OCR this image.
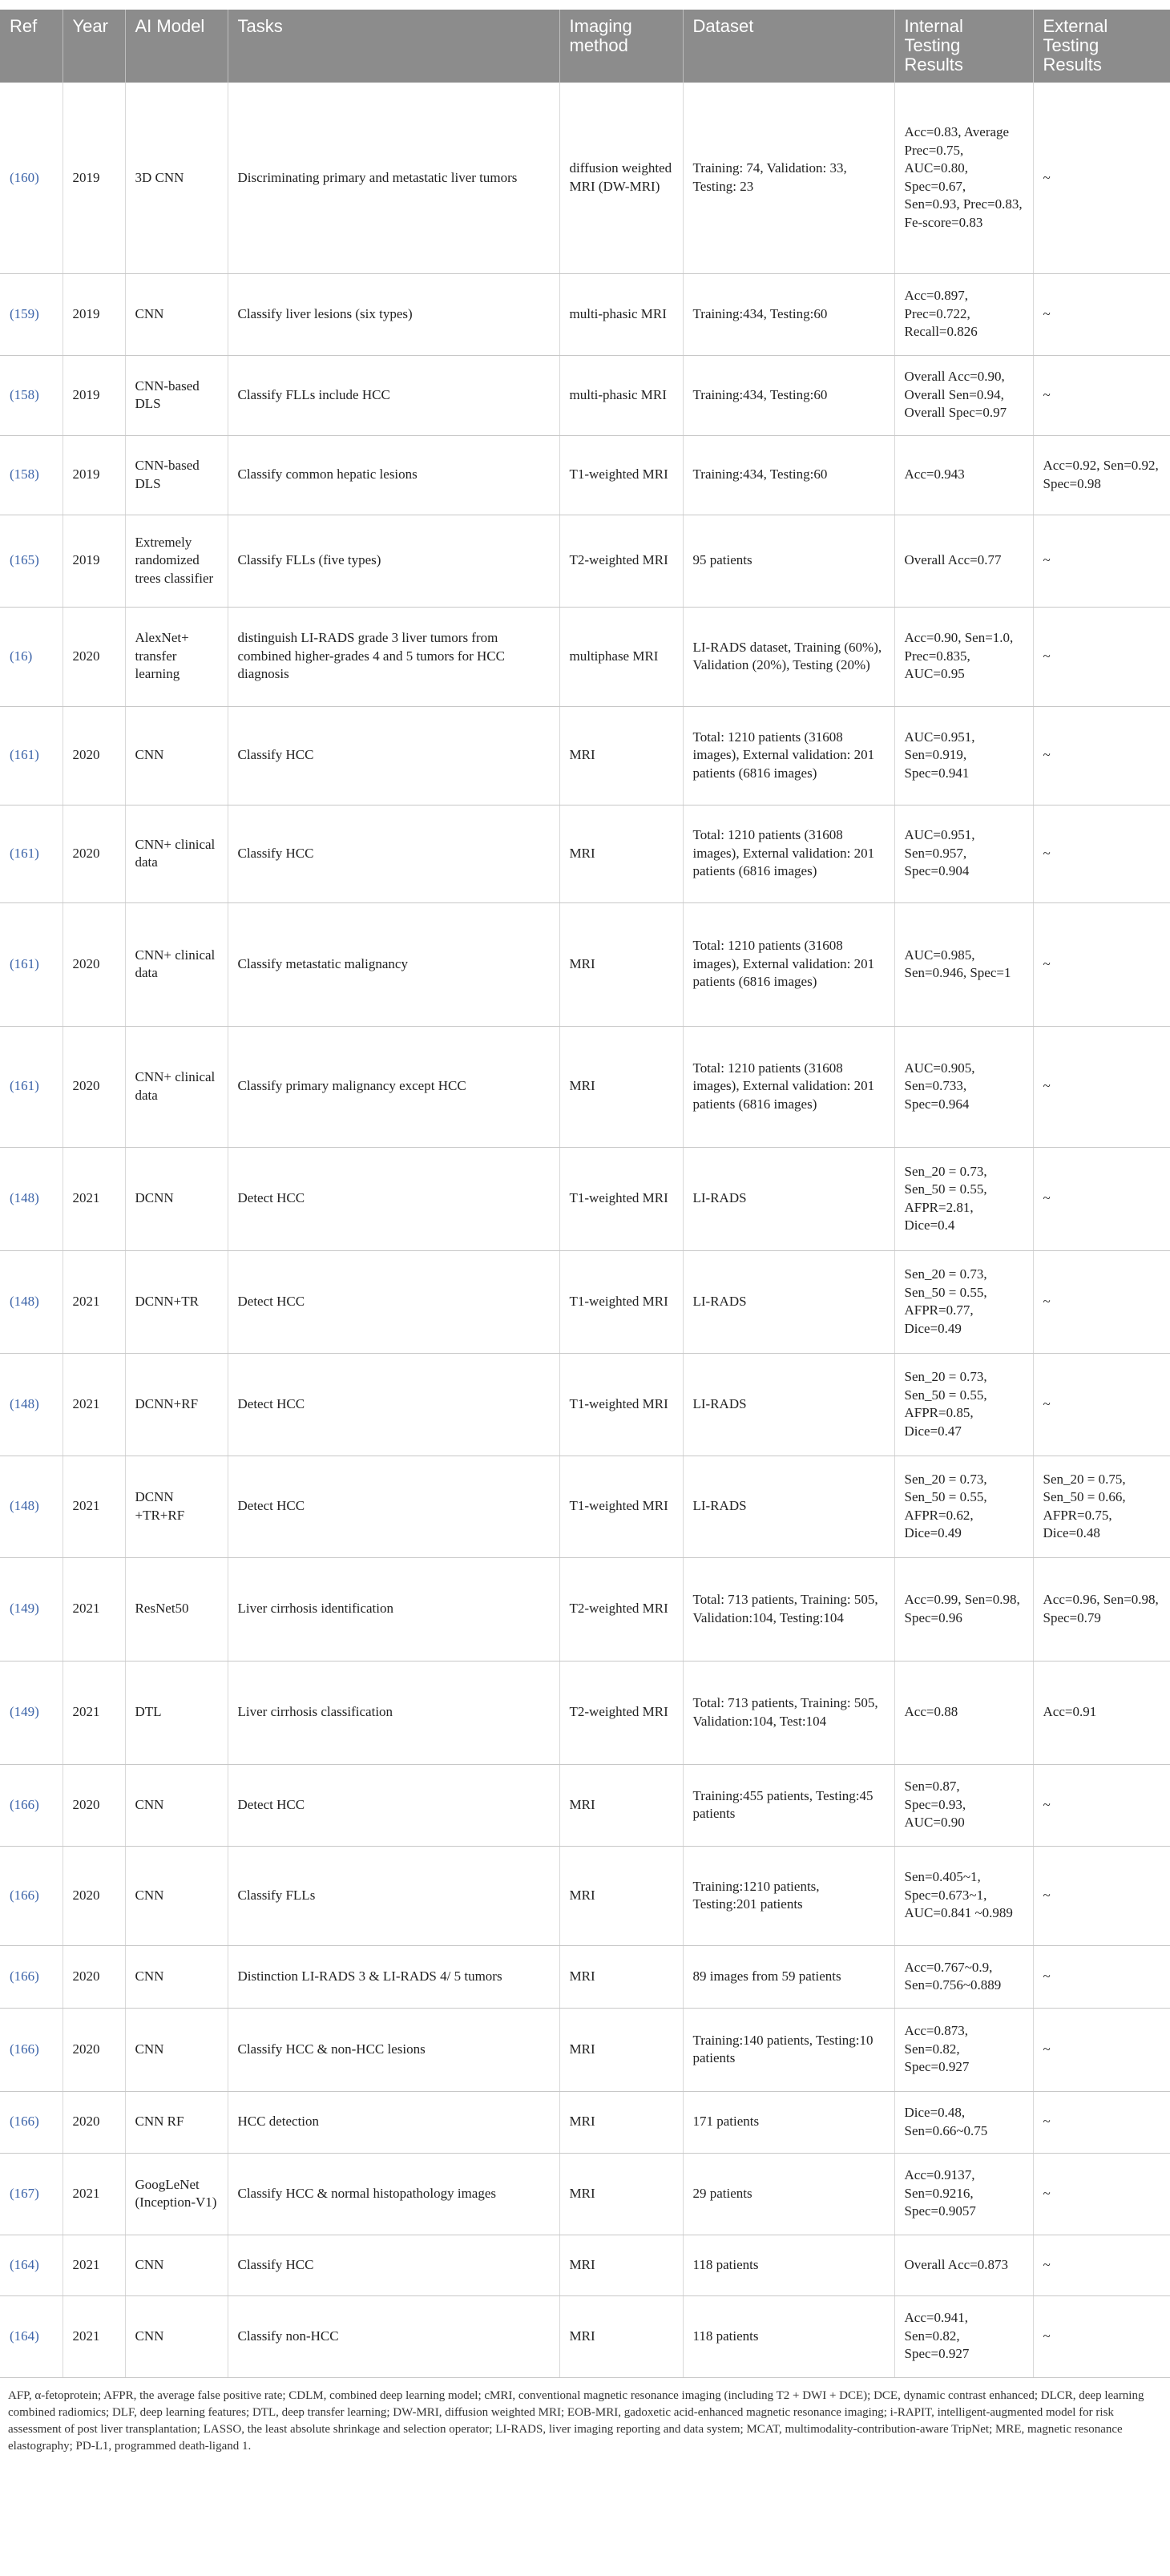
Ref	Year	AI Model	Tasks	Imaging method	Dataset	Internal Testing Results	External Testing Results
(160)	2019	3D CNN	Discriminating primary and metastatic liver tumors	diffusion weighted MRI (DW-MRI)	Training: 74, Validation: 33, Testing: 23	Acc=0.83, Average Prec=0.75, AUC=0.80, Spec=0.67, Sen=0.93, Prec=0.83, Fe-score=0.83	~
(159)	2019	CNN	Classify liver lesions (six types)	multi-phasic MRI	Training:434, Testing:60	Acc=0.897, Prec=0.722, Recall=0.826	~
(158)	2019	CNN-based DLS	Classify FLLs include HCC	multi-phasic MRI	Training:434, Testing:60	Overall Acc=0.90, Overall Sen=0.94, Overall Spec=0.97	~
(158)	2019	CNN-based DLS	Classify common hepatic lesions	T1-weighted MRI	Training:434, Testing:60	Acc=0.943	Acc=0.92, Sen=0.92, Spec=0.98
(165)	2019	Extremely randomized trees classifier	Classify FLLs (five types)	T2-weighted MRI	95 patients	Overall Acc=0.77	~
(16)	2020	AlexNet+ transfer learning	distinguish LI-RADS grade 3 liver tumors from combined higher-grades 4 and 5 tumors for HCC diagnosis	multiphase MRI	LI-RADS dataset, Training (60%), Validation (20%), Testing (20%)	Acc=0.90, Sen=1.0, Prec=0.835, AUC=0.95	~
(161)	2020	CNN	Classify HCC	MRI	Total: 1210 patients (31608 images), External validation: 201 patients (6816 images)	AUC=0.951, Sen=0.919, Spec=0.941	~
(161)	2020	CNN+ clinical data	Classify HCC	MRI	Total: 1210 patients (31608 images), External validation: 201 patients (6816 images)	AUC=0.951, Sen=0.957, Spec=0.904	~
(161)	2020	CNN+ clinical data	Classify metastatic malignancy	MRI	Total: 1210 patients (31608 images), External validation: 201 patients (6816 images)	AUC=0.985, Sen=0.946, Spec=1	~
(161)	2020	CNN+ clinical data	Classify primary malignancy except HCC	MRI	Total: 1210 patients (31608 images), External validation: 201 patients (6816 images)	AUC=0.905, Sen=0.733, Spec=0.964	~
(148)	2021	DCNN	Detect HCC	T1-weighted MRI	LI-RADS	Sen_20 = 0.73, Sen_50 = 0.55, AFPR=2.81, Dice=0.4	~
(148)	2021	DCNN+TR	Detect HCC	T1-weighted MRI	LI-RADS	Sen_20 = 0.73, Sen_50 = 0.55, AFPR=0.77, Dice=0.49	~
(148)	2021	DCNN+RF	Detect HCC	T1-weighted MRI	LI-RADS	Sen_20 = 0.73, Sen_50 = 0.55, AFPR=0.85, Dice=0.47	~
(148)	2021	DCNN +TR+RF	Detect HCC	T1-weighted MRI	LI-RADS	Sen_20 = 0.73, Sen_50 = 0.55, AFPR=0.62, Dice=0.49	Sen_20 = 0.75, Sen_50 = 0.66, AFPR=0.75, Dice=0.48
(149)	2021	ResNet50	Liver cirrhosis identification	T2-weighted MRI	Total: 713 patients, Training: 505, Validation:104, Testing:104	Acc=0.99, Sen=0.98, Spec=0.96	Acc=0.96, Sen=0.98, Spec=0.79
(149)	2021	DTL	Liver cirrhosis classification	T2-weighted MRI	Total: 713 patients, Training: 505, Validation:104, Test:104	Acc=0.88	Acc=0.91
(166)	2020	CNN	Detect HCC	MRI	Training:455 patients, Testing:45 patients	Sen=0.87, Spec=0.93, AUC=0.90	~
(166)	2020	CNN	Classify FLLs	MRI	Training:1210 patients, Testing:201 patients	Sen=0.405~1, Spec=0.673~1, AUC=0.841 ~0.989	~
(166)	2020	CNN	Distinction LI-RADS 3 & LI-RADS 4/ 5 tumors	MRI	89 images from 59 patients	Acc=0.767~0.9, Sen=0.756~0.889	~
(166)	2020	CNN	Classify HCC & non-HCC lesions	MRI	Training:140 patients, Testing:10 patients	Acc=0.873, Sen=0.82, Spec=0.927	~
(166)	2020	CNN RF	HCC detection	MRI	171 patients	Dice=0.48, Sen=0.66~0.75	~
(167)	2021	GoogLeNet (Inception-V1)	Classify HCC & normal histopathology images	MRI	29 patients	Acc=0.9137, Sen=0.9216, Spec=0.9057	~
(164)	2021	CNN	Classify HCC	MRI	118 patients	Overall Acc=0.873	~
(164)	2021	CNN	Classify non-HCC	MRI	118 patients	Acc=0.941, Sen=0.82, Spec=0.927	~
AFP, α-fetoprotein; AFPR, the average false positive rate; CDLM, combined deep learning model; cMRI, conventional magnetic resonance imaging (including T2 + DWI + DCE); DCE, dynamic contrast enhanced; DLCR, deep learning combined radiomics; DLF, deep learning features; DTL, deep transfer learning; DW-MRI, diffusion weighted MRI; EOB-MRI, gadoxetic acid-enhanced magnetic resonance imaging; i-RAPIT, intelligent-augmented model for risk assessment of post liver transplantation; LASSO, the least absolute shrinkage and selection operator; LI-RADS, liver imaging reporting and data system; MCAT, multimodality-contribution-aware TripNet; MRE, magnetic resonance elastography; PD-L1, programmed death-ligand 1.
